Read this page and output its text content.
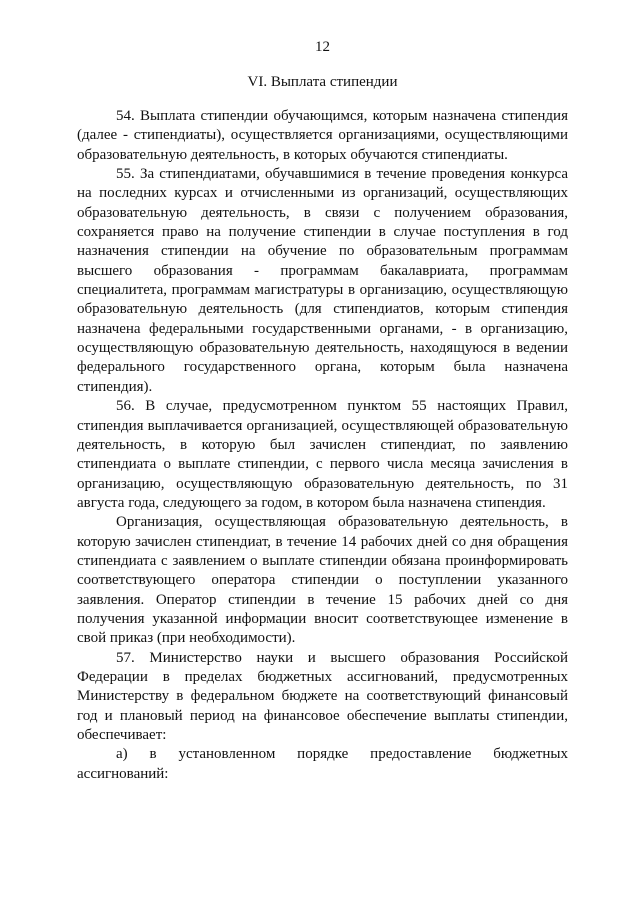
12
VI. Выплата стипендии

54. Выплата стипендии обучающимся, которым назначена стипендия (далее - стипендиаты), осуществляется организациями, осуществляющими образовательную деятельность, в которых обучаются стипендиаты.

55. За стипендиатами, обучавшимися в течение проведения конкурса на последних курсах и отчисленными из организаций, осуществляющих образовательную деятельность, в связи с получением образования, сохраняется право на получение стипендии в случае поступления в год назначения стипендии на обучение по образовательным программам высшего образования - программам бакалавриата, программам специалитета, программам магистратуры в организацию, осуществляющую образовательную деятельность (для стипендиатов, которым стипендия назначена федеральными государственными органами, - в организацию, осуществляющую образовательную деятельность, находящуюся в ведении федерального государственного органа, которым была назначена стипендия).

56. В случае, предусмотренном пунктом 55 настоящих Правил, стипендия выплачивается организацией, осуществляющей образовательную деятельность, в которую был зачислен стипендиат, по заявлению стипендиата о выплате стипендии, с первого числа месяца зачисления в организацию, осуществляющую образовательную деятельность, по 31 августа года, следующего за годом, в котором была назначена стипендия.

Организация, осуществляющая образовательную деятельность, в которую зачислен стипендиат, в течение 14 рабочих дней со дня обращения стипендиата с заявлением о выплате стипендии обязана проинформировать соответствующего оператора стипендии о поступлении указанного заявления. Оператор стипендии в течение 15 рабочих дней со дня получения указанной информации вносит соответствующее изменение в свой приказ (при необходимости).

57. Министерство науки и высшего образования Российской Федерации в пределах бюджетных ассигнований, предусмотренных Министерству в федеральном бюджете на соответствующий финансовый год и плановый период на финансовое обеспечение выплаты стипендии, обеспечивает:

а) в установленном порядке предоставление бюджетных ассигнований:
